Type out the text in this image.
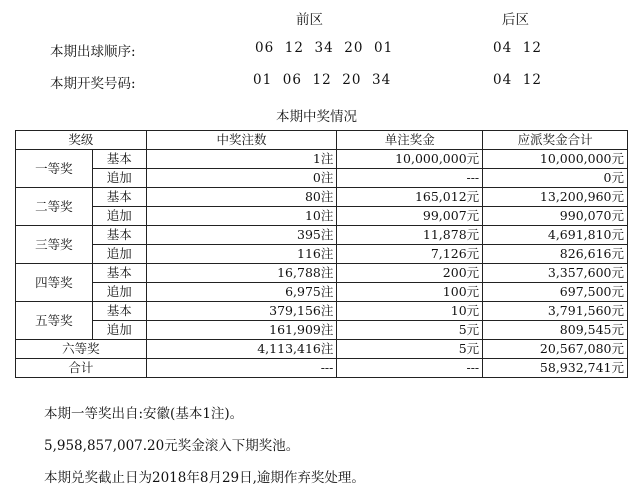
前区	后区
本期出球顺序:	06  12  34  20  01	04  12
本期开奖号码:	01  06  12  20  34	04  12
本期中奖情况
奖级		中奖注数	单注奖金	应派奖金合计
一等奖	基本	1注	10,000,000元	10,000,000元
	追加	0注	---	0元
二等奖	基本	80注	165,012元	13,200,960元
	追加	10注	99,007元	990,070元
三等奖	基本	395注	11,878元	4,691,810元
	追加	116注	7,126元	826,616元
四等奖	基本	16,788注	200元	3,357,600元
	追加	6,975注	100元	697,500元
五等奖	基本	379,156注	10元	3,791,560元
	追加	161,909注	5元	809,545元
六等奖		4,113,416注	5元	20,567,080元
合计		---	---	58,932,741元
本期一等奖出自:安徽(基本1注)。
5,958,857,007.20元奖金滚入下期奖池。
本期兑奖截止日为2018年8月29日,逾期作弃奖处理。
